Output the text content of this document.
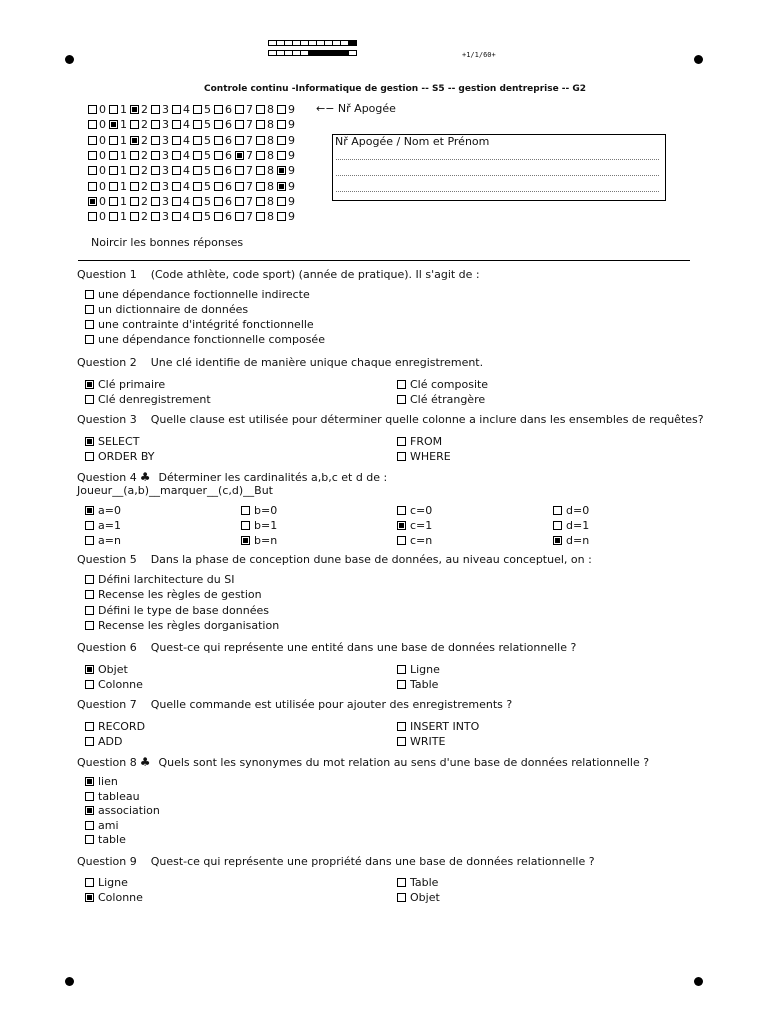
+1/1/60+
Controle continu -Informatique de gestion -- S5 -- gestion dentreprise -- G2
0 1 2 3 4 5 6 7 8 9
0 1 2 3 4 5 6 7 8 9
0 1 2 3 4 5 6 7 8 9
0 1 2 3 4 5 6 7 8 9
0 1 2 3 4 5 6 7 8 9
0 1 2 3 4 5 6 7 8 9
0 1 2 3 4 5 6 7 8 9
0 1 2 3 4 5 6 7 8 9
←− Nř Apogée
Nř Apogée / Nom et Prénom
Noircir les bonnes réponses
Question 1 (Code athlète, code sport) (année de pratique). Il s'agit de :
une dépendance foctionnelle indirecte
un dictionnaire de données
une contrainte d'intégrité fonctionnelle
une dépendance fonctionnelle composée
Question 2 Une clé identifie de manière unique chaque enregistrement.
Clé primaire	Clé composite
Clé denregistrement	Clé étrangère
Question 3 Quelle clause est utilisée pour déterminer quelle colonne a inclure dans les ensembles de requêtes?
SELECT	FROM
ORDER BY	WHERE
Question 4 ♣ Déterminer les cardinalités a,b,c et d de :
Joueur__(a,b)__marquer__(c,d)__But
a=0	b=0	c=0	d=0
a=1	b=1	c=1	d=1
a=n	b=n	c=n	d=n
Question 5 Dans la phase de conception dune base de données, au niveau conceptuel, on :
Défini larchitecture du SI
Recense les règles de gestion
Défini le type de base données
Recense les règles dorganisation
Question 6 Quest-ce qui représente une entité dans une base de données relationnelle ?
Objet	Ligne
Colonne	Table
Question 7 Quelle commande est utilisée pour ajouter des enregistrements ?
RECORD	INSERT INTO
ADD	WRITE
Question 8 ♣ Quels sont les synonymes du mot relation au sens d'une base de données relationnelle ?
lien
tableau
association
ami
table
Question 9 Quest-ce qui représente une propriété dans une base de données relationnelle ?
Ligne	Table
Colonne	Objet
